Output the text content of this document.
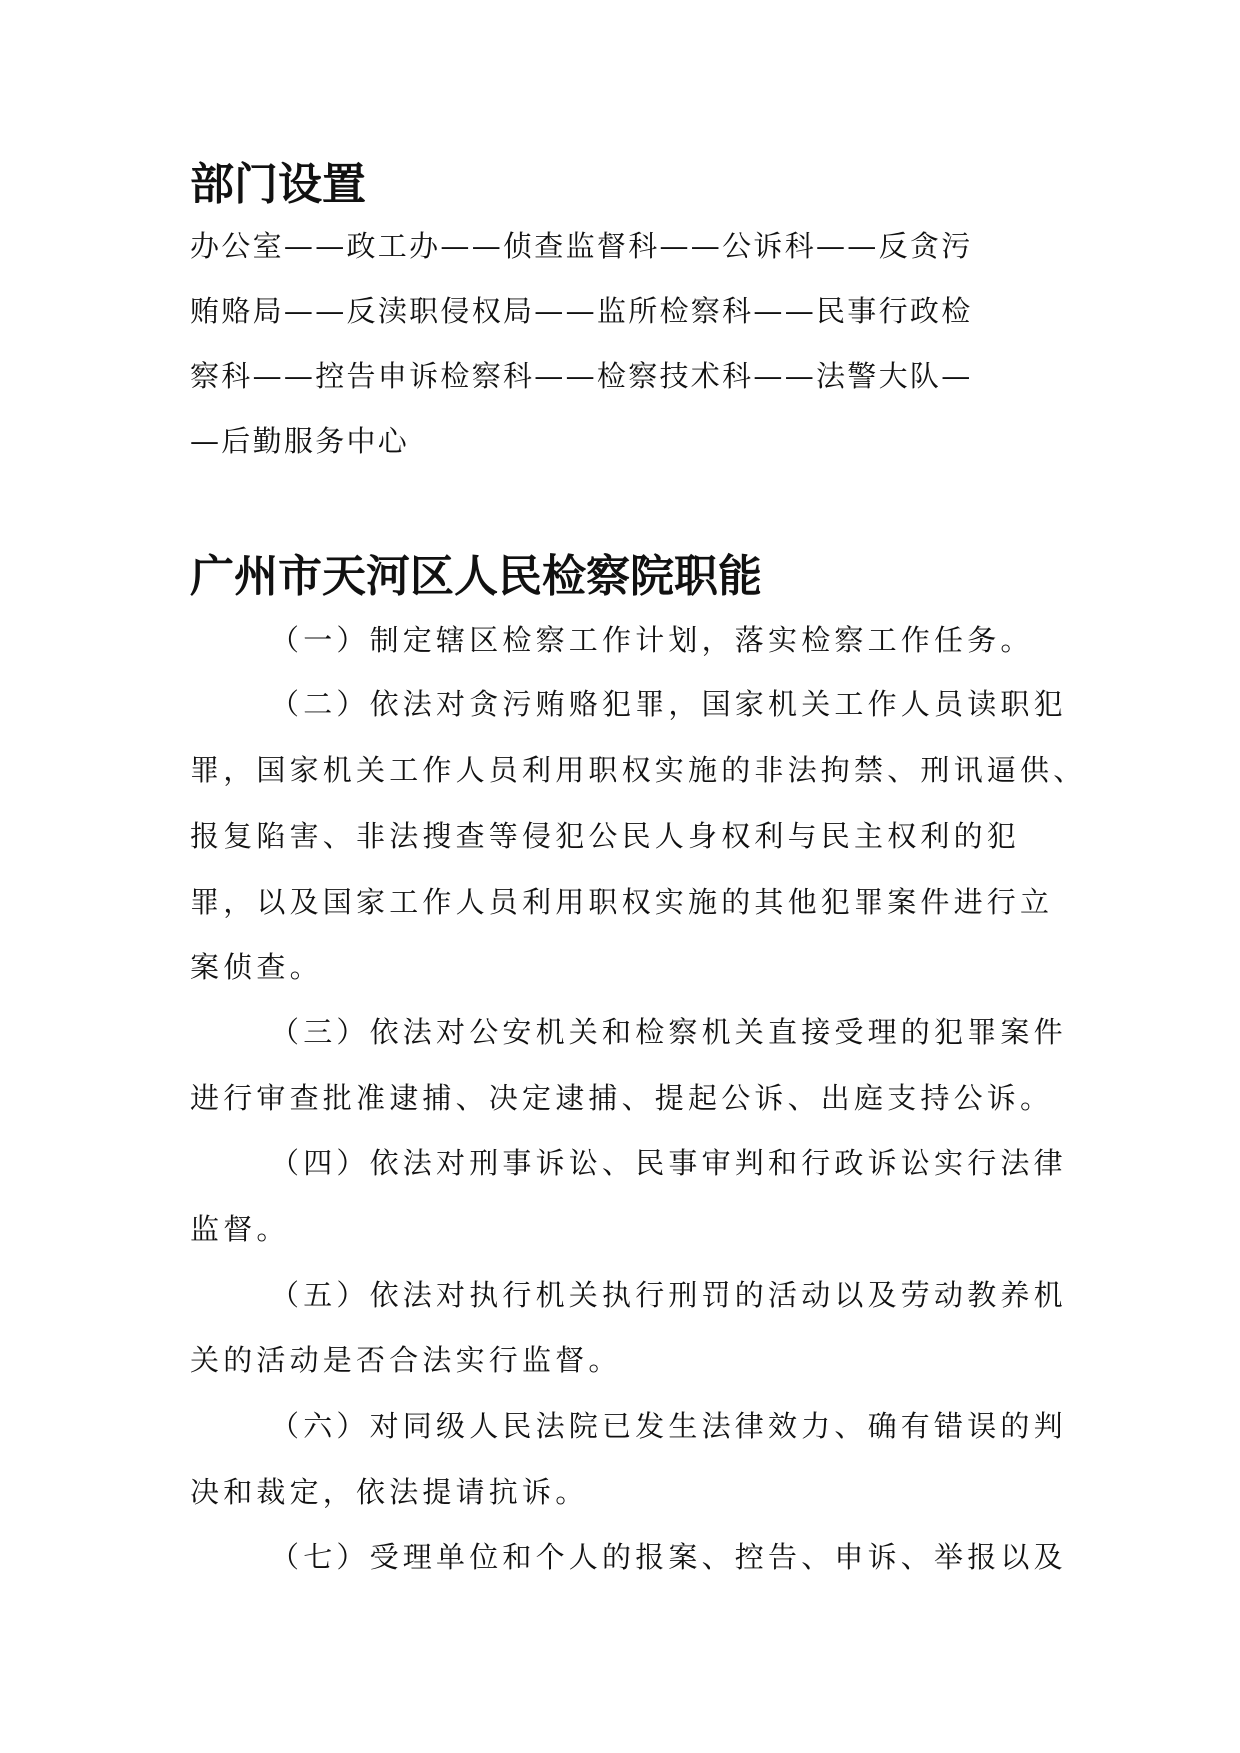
部门设置

办公室——政工办——侦查监督科——公诉科——反贪污

贿赂局——反渎职侵权局——监所检察科——民事行政检

察科——控告申诉检察科——检察技术科——法警大队—

—后勤服务中心

广州市天河区人民检察院职能

（一）制定辖区检察工作计划，落实检察工作任务。

（二）依法对贪污贿赂犯罪，国家机关工作人员读职犯

罪，国家机关工作人员利用职权实施的非法拘禁、刑讯逼供、

报复陷害、非法搜查等侵犯公民人身权利与民主权利的犯

罪，以及国家工作人员利用职权实施的其他犯罪案件进行立

案侦查。

（三）依法对公安机关和检察机关直接受理的犯罪案件

进行审查批准逮捕、决定逮捕、提起公诉、出庭支持公诉。

（四）依法对刑事诉讼、民事审判和行政诉讼实行法律

监督。

（五）依法对执行机关执行刑罚的活动以及劳动教养机

关的活动是否合法实行监督。

（六）对同级人民法院已发生法律效力、确有错误的判

决和裁定，依法提请抗诉。

（七）受理单位和个人的报案、控告、申诉、举报以及
